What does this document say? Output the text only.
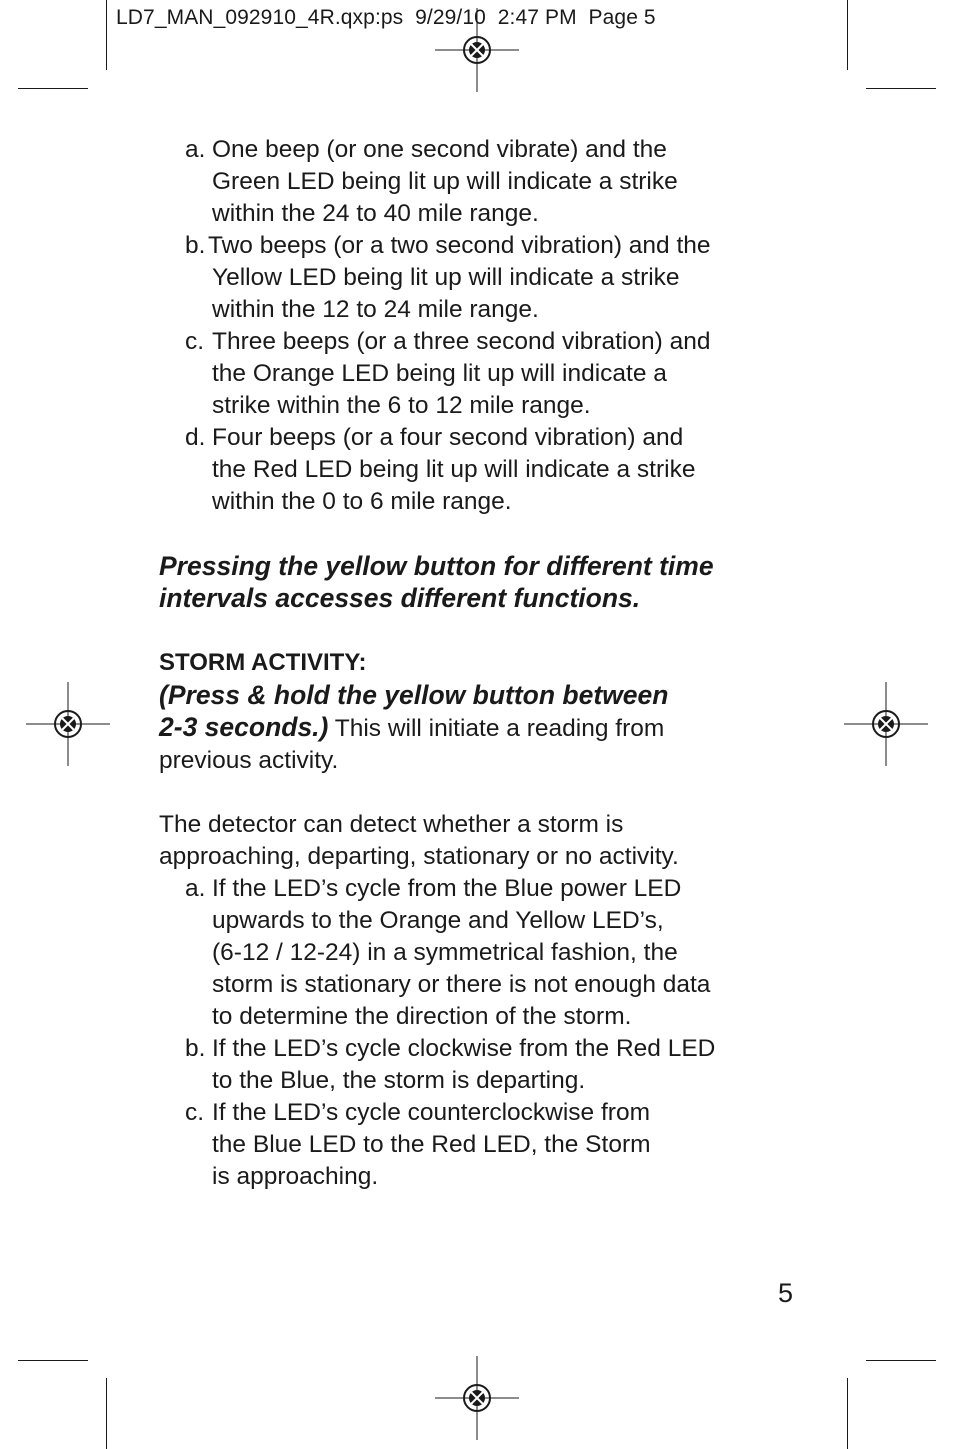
LD7_MAN_092910_4R.qxp:ps  9/29/10  2:47 PM  Page 5
a. One beep (or one second vibrate) and the
Green LED being lit up will indicate a strike
within the 24 to 40 mile range.
b. Two beeps (or a two second vibration) and the
Yellow LED being lit up will indicate a strike
within the 12 to 24 mile range.
c. Three beeps (or a three second vibration) and
the Orange LED being lit up will indicate a
strike within the 6 to 12 mile range.
d. Four beeps (or a four second vibration) and
the Red LED being lit up will indicate a strike
within the 0 to 6 mile range.
Pressing the yellow button for different time
intervals accesses different functions.
STORM ACTIVITY:
(Press & hold the yellow button between
2-3 seconds.) This will initiate a reading from
previous activity.
The detector can detect whether a storm is
approaching, departing, stationary or no activity.
a. If the LED’s cycle from the Blue power LED
upwards to the Orange and Yellow LED’s,
(6-12 / 12-24) in a symmetrical fashion, the
storm is stationary or there is not enough data
to determine the direction of the storm.
b. If the LED’s cycle clockwise from the Red LED
to the Blue, the storm is departing.
c. If the LED’s cycle counterclockwise from
the Blue LED to the Red LED, the Storm
is approaching.
5
